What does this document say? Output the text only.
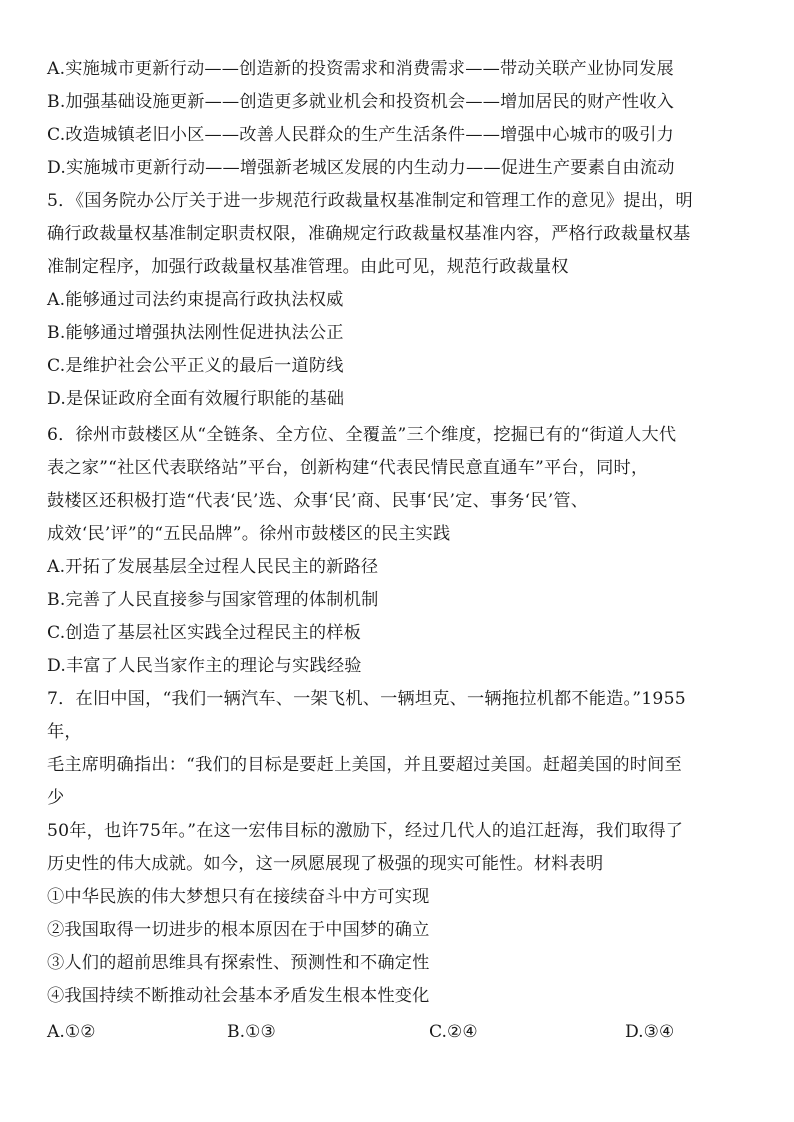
A.实施城市更新行动——创造新的投资需求和消费需求——带动关联产业协同发展
B.加强基础设施更新——创造更多就业机会和投资机会——增加居民的财产性收入
C.改造城镇老旧小区——改善人民群众的生产生活条件——增强中心城市的吸引力
D.实施城市更新行动——增强新老城区发展的内生动力——促进生产要素自由流动
5．《国务院办公厅关于进一步规范行政裁量权基准制定和管理工作的意见》提出，明
确行政裁量权基准制定职责权限，准确规定行政裁量权基准内容，严格行政裁量权基
准制定程序，加强行政裁量权基准管理。由此可见，规范行政裁量权
A.能够通过司法约束提高行政执法权威
B.能够通过增强执法刚性促进执法公正
C.是维护社会公平正义的最后一道防线
D.是保证政府全面有效履行职能的基础
6．徐州市鼓楼区从“全链条、全方位、全覆盖”三个维度，挖掘已有的“街道人大代
表之家”“社区代表联络站”平台，创新构建“代表民情民意直通车”平台，同时，
鼓楼区还积极打造“代表‘民’选、众事‘民’商、民事‘民’定、事务‘民’管、
成效‘民’评”的“五民品牌”。徐州市鼓楼区的民主实践
A.开拓了发展基层全过程人民民主的新路径
B.完善了人民直接参与国家管理的体制机制
C.创造了基层社区实践全过程民主的样板
D.丰富了人民当家作主的理论与实践经验
7．在旧中国，“我们一辆汽车、一架飞机、一辆坦克、一辆拖拉机都不能造。”1955
年，
毛主席明确指出：“我们的目标是要赶上美国，并且要超过美国。赶超美国的时间至
少
50年，也许75年。”在这一宏伟目标的激励下，经过几代人的追江赶海，我们取得了
历史性的伟大成就。如今，这一夙愿展现了极强的现实可能性。材料表明
①中华民族的伟大梦想只有在接续奋斗中方可实现
②我国取得一切进步的根本原因在于中国梦的确立
③人们的超前思维具有探索性、预测性和不确定性
④我国持续不断推动社会基本矛盾发生根本性变化
A.①②	B.①③	C.②④	D.③④
